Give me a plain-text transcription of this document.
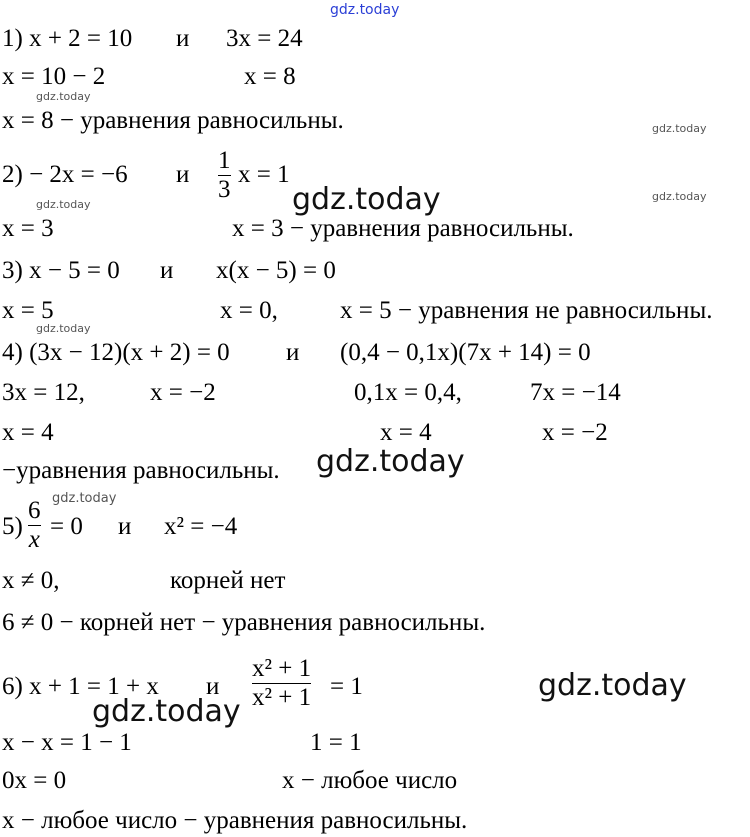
gdz.today
gdz.today
gdz.today
gdz.today
gdz.today
gdz.today
gdz.today
gdz.today
gdz.today
gdz.today
gdz.today
1) x + 2 = 10 и 3x = 24
x = 10 − 2	x = 8
x = 8 − уравнения равносильны.
2) − 2x = −6 и
1
3
x = 1
x = 3	x = 3 − уравнения равносильны.
3) x − 5 = 0 и x(x − 5) = 0
x = 5	x = 0, x = 5 − уравнения не равносильны.
4) (3x − 12)(x + 2) = 0 и (0,4 − 0,1x)(7x + 14) = 0
3x = 12,	x = −2	0,1x = 0,4,	7x = −14
x = 4	x = 4	x = −2
−уравнения равносильны.
5)
6
x = 0 и x² = −4
x ≠ 0,	корней нет
6 ≠ 0 − корней нет − уравнения равносильны.
6) x + 1 = 1 + x и
x² + 1
x² + 1 = 1
x − x = 1 − 1	1 = 1
0x = 0	x − любое число
x − любое число − уравнения равносильны.
